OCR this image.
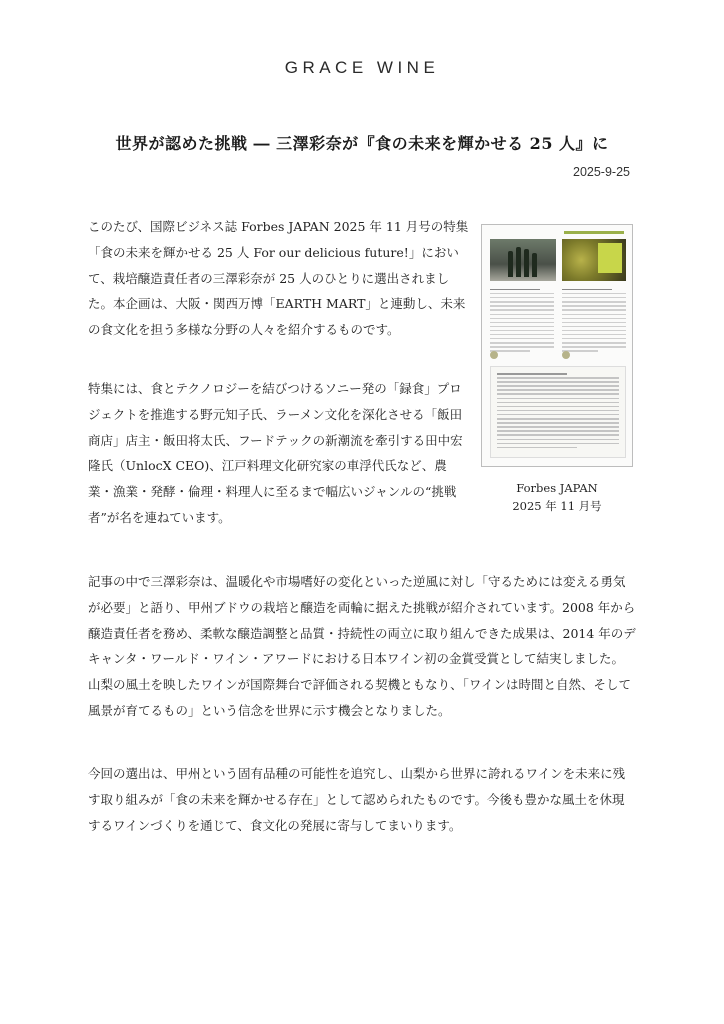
GRACE WINE
世界が認めた挑戦 ― 三澤彩奈が『食の未来を輝かせる 25 人』に
2025-9-25

このたび、国際ビジネス誌 Forbes JAPAN 2025 年 11 月号の特集「食の未来を輝かせる 25 人 For our delicious future!」において、栽培醸造責任者の三澤彩奈が 25 人のひとりに選出されました。本企画は、大阪・関西万博「EARTH MART」と連動し、未来の食文化を担う多様な分野の人々を紹介するものです。

特集には、食とテクノロジーを結びつけるソニー発の「録食」プロジェクトを推進する野元知子氏、ラーメン文化を深化させる「飯田商店」店主・飯田将太氏、フードテックの新潮流を牽引する田中宏隆氏（UnlocX CEO)、江戸料理文化研究家の車浮代氏など、農業・漁業・発酵・倫理・料理人に至るまで幅広いジャンルの“挑戦者”が名を連ねています。

記事の中で三澤彩奈は、温暖化や市場嗜好の変化といった逆風に対し「守るためには変える勇気が必要」と語り、甲州ブドウの栽培と醸造を両輪に据えた挑戦が紹介されています。2008 年から醸造責任者を務め、柔軟な醸造調整と品質・持続性の両立に取り組んできた成果は、2014 年のデキャンタ・ワールド・ワイン・アワードにおける日本ワイン初の金賞受賞として結実しました。山梨の風土を映したワインが国際舞台で評価される契機ともなり、「ワインは時間と自然、そして風景が育てるもの」という信念を世界に示す機会となりました。

今回の選出は、甲州という固有品種の可能性を追究し、山梨から世界に誇れるワインを未来に残す取り組みが「食の未来を輝かせる存在」として認められたものです。今後も豊かな風土を休現するワインづくりを通じて、食文化の発展に寄与してまいります。

Forbes JAPAN
2025 年 11 月号
